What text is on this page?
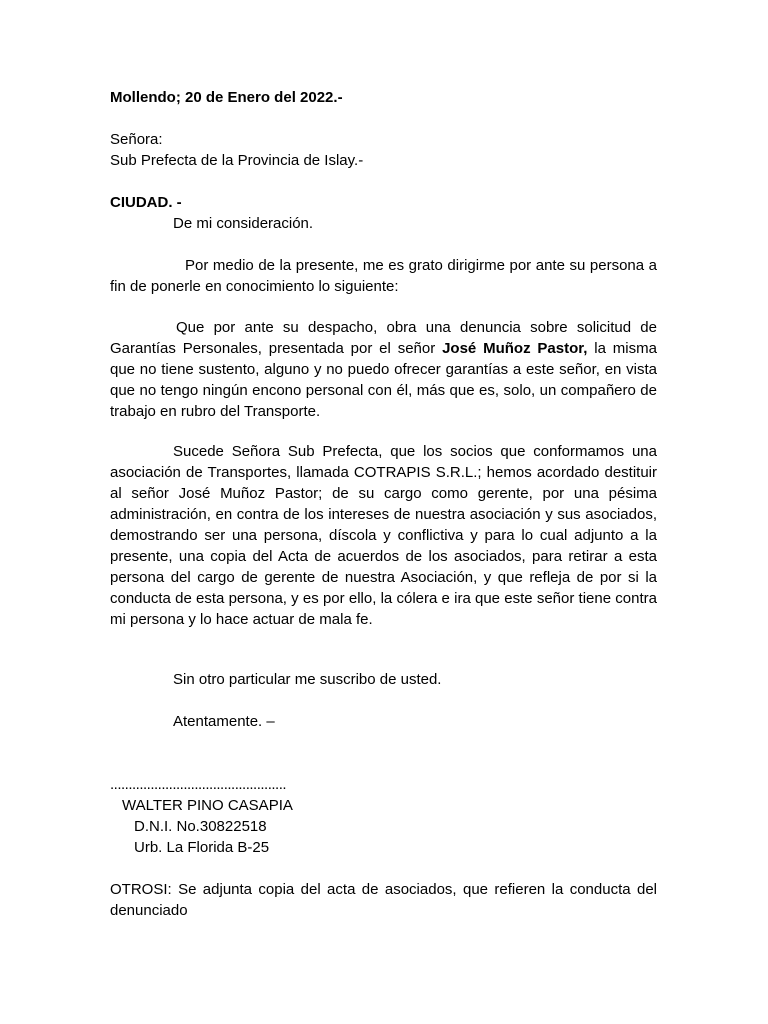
Mollendo; 20 de Enero del 2022.-
Señora:
Sub Prefecta de la Provincia de Islay.-
CIUDAD. -
De mi consideración.

Por medio de la presente, me es grato dirigirme por ante su persona a fin de ponerle en conocimiento lo siguiente:

Que por ante su despacho, obra una denuncia sobre solicitud de Garantías Personales, presentada por el señor José Muñoz Pastor, la misma que no tiene sustento, alguno y no puedo ofrecer garantías a este señor, en vista que no tengo ningún encono personal con él, más que es, solo, un compañero de trabajo en rubro del Transporte.

Sucede Señora Sub Prefecta, que los socios que conformamos una asociación de Transportes, llamada COTRAPIS S.R.L.; hemos acordado destituir al señor José Muñoz Pastor; de su cargo como gerente, por una pésima administración, en contra de los intereses de nuestra asociación y sus asociados, demostrando ser una persona, díscola y conflictiva y para lo cual adjunto a la presente, una copia del Acta de acuerdos de los asociados, para retirar a esta persona del cargo de gerente de nuestra Asociación, y que refleja de por si la conducta de esta persona, y es por ello, la cólera e ira que este señor tiene contra mi persona y lo hace actuar de mala fe.

Sin otro particular me suscribo de usted.
Atentamente. –
................................................
WALTER PINO CASAPIA
D.N.I. No.30822518
Urb. La Florida B-25

OTROSI: Se adjunta copia del acta de asociados, que refieren la conducta del denunciado
